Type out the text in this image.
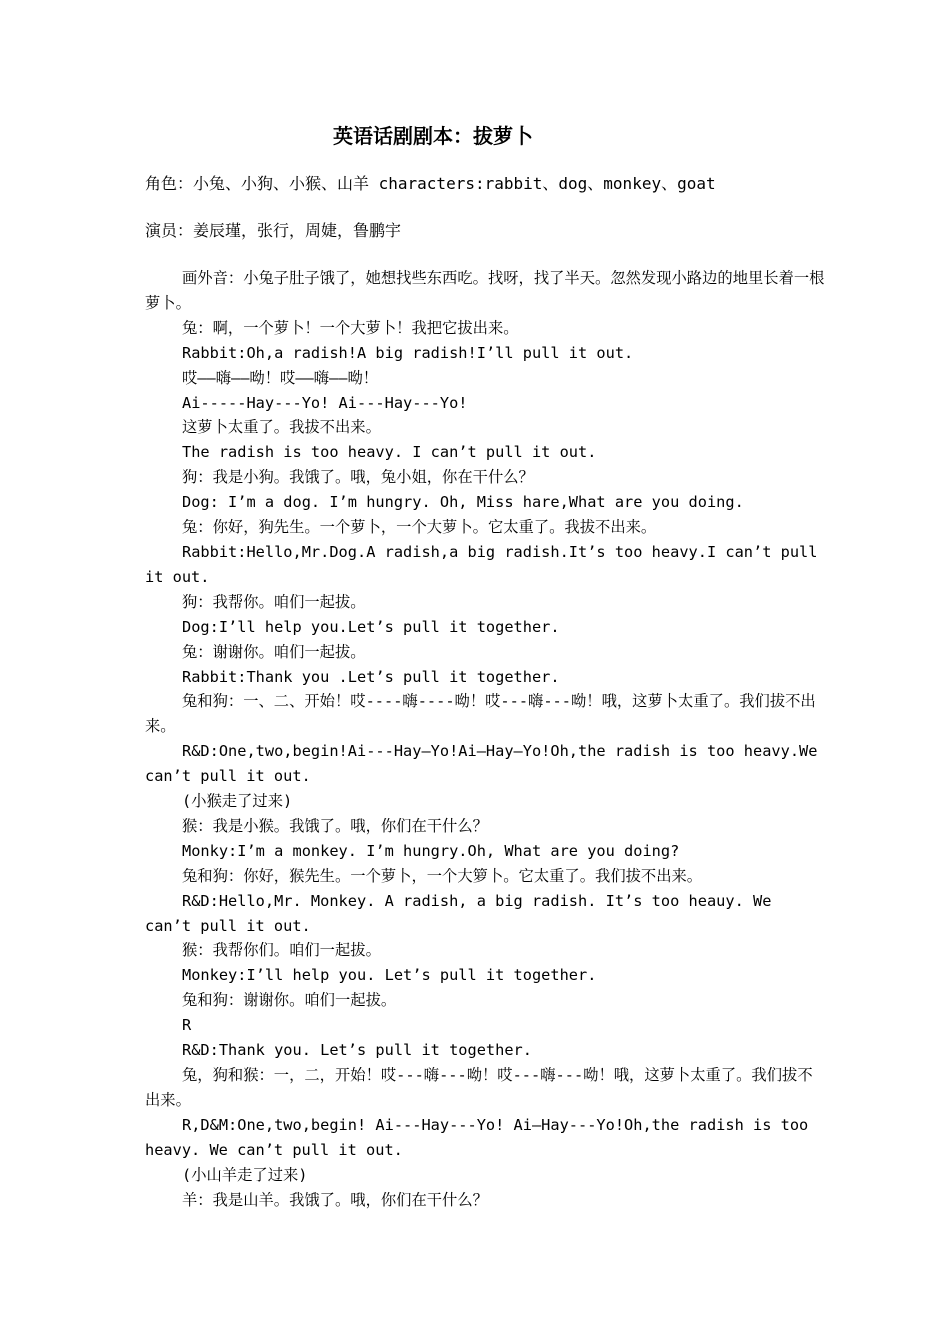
英语话剧剧本：拔萝卜
角色：小兔、小狗、小猴、山羊 characters:rabbit、dog、monkey、goat
演员：姜辰瑾，张行，周婕，鲁鹏宇

画外音：小兔子肚子饿了，她想找些东西吃。找呀，找了半天。忽然发现小路边的地里长着一根萝卜。

兔：啊，一个萝卜！一个大萝卜！我把它拔出来。

Rabbit:Oh,a radish!A big radish!I’ll pull it out.

哎——嗨——呦！哎——嗨——呦！

Ai-----Hay---Yo! Ai---Hay---Yo!

这萝卜太重了。我拔不出来。

The radish is too heavy. I can’t pull it out.

狗：我是小狗。我饿了。哦，兔小姐，你在干什么？

Dog: I’m a dog. I’m hungry. Oh, Miss hare,What are you doing.

兔：你好，狗先生。一个萝卜，一个大萝卜。它太重了。我拔不出来。

Rabbit:Hello,Mr.Dog.A radish,a big radish.It’s too heavy.I can’t pull it out.

狗：我帮你。咱们一起拔。

Dog:I’ll help you.Let’s pull it together.

兔：谢谢你。咱们一起拔。

Rabbit:Thank you .Let’s pull it together.

兔和狗：一、二、开始！哎----嗨----呦！哎---嗨---呦！哦，这萝卜太重了。我们拔不出来。

R&D:One,two,begin!Ai---Hay—Yo!Ai—Hay—Yo!Oh,the radish is too heavy.We can’t pull it out.

(小猴走了过来)

猴：我是小猴。我饿了。哦，你们在干什么？

Monky:I’m a monkey. I’m hungry.Oh, What are you doing?

兔和狗：你好，猴先生。一个萝卜，一个大箩卜。它太重了。我们拔不出来。

R&D:Hello,Mr. Monkey. A radish, a big radish. It’s too heauy. We can’t pull it out.

猴：我帮你们。咱们一起拔。

Monkey:I’ll help you. Let’s pull it together.

兔和狗：谢谢你。咱们一起拔。

R

R&D:Thank you. Let’s pull it together.

兔，狗和猴：一，二，开始！哎---嗨---呦！哎---嗨---呦！哦，这萝卜太重了。我们拔不出来。

R,D&M:One,two,begin! Ai---Hay---Yo! Ai—Hay---Yo!Oh,the radish is too heavy. We can’t pull it out.

(小山羊走了过来)

羊：我是山羊。我饿了。哦，你们在干什么？
